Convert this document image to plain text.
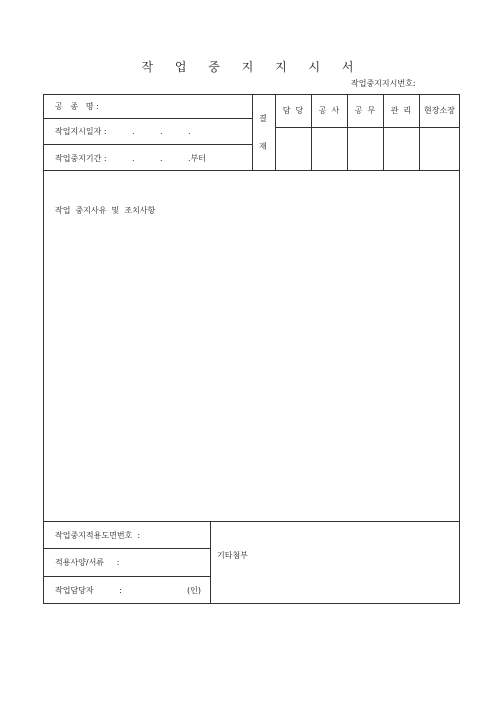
작 업 중 지 지 시 서
작업중지지시번호:
공   종   명 :
작업지시일자 :          .          .          .
작업중지기간 :          .          .          .부터
결
재
담  당	공  사	공  무	관  리	현장소장
작업  중지사유  및  조치사항
작업중지적용도면번호  :
적용사양/서류     :
작업담당자          :	(인)
기타첨부
